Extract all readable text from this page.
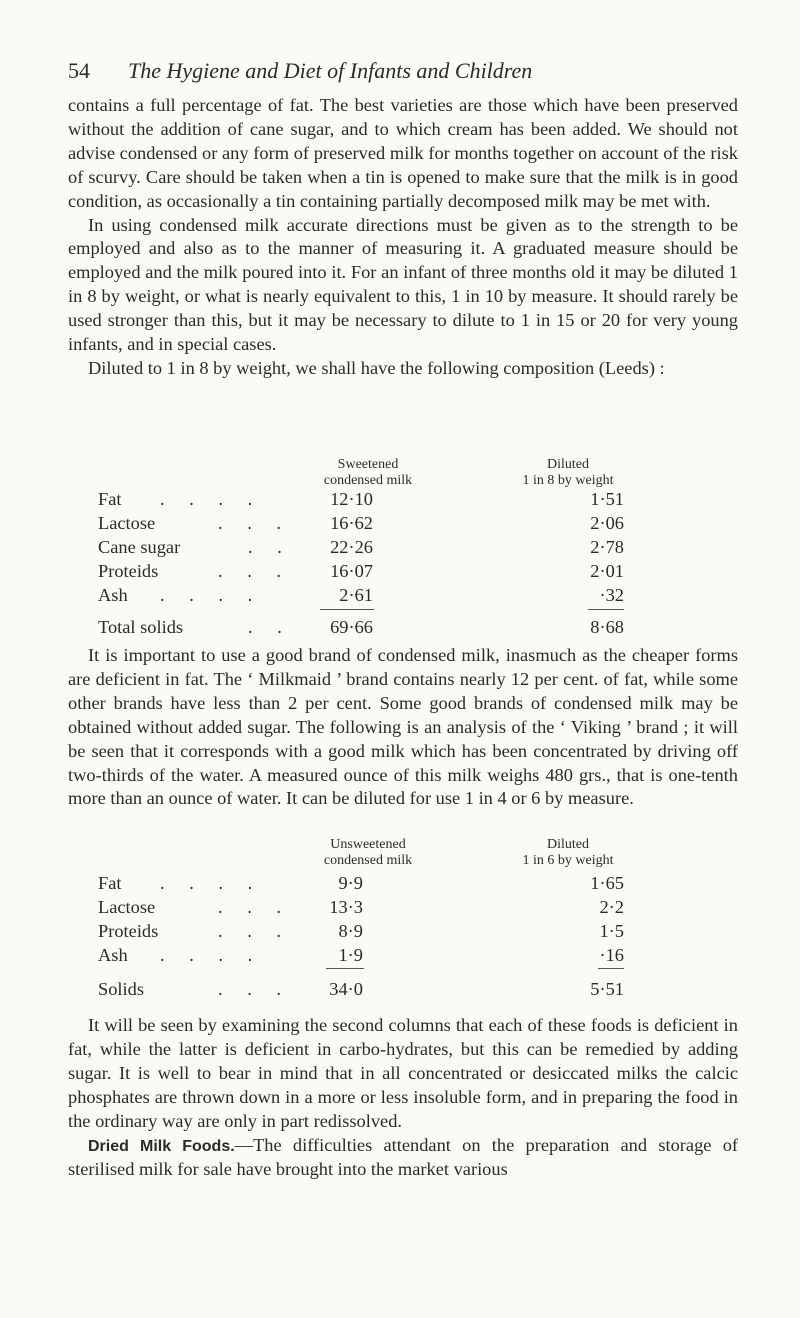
54	The Hygiene and Diet of Infants and Children

contains a full percentage of fat. The best varieties are those which have been preserved without the addition of cane sugar, and to which cream has been added. We should not advise condensed or any form of preserved milk for months together on account of the risk of scurvy. Care should be taken when a tin is opened to make sure that the milk is in good condition, as occasionally a tin containing partially decomposed milk may be met with.

In using condensed milk accurate directions must be given as to the strength to be employed and also as to the manner of measuring it. A graduated measure should be employed and the milk poured into it. For an infant of three months old it may be diluted 1 in 8 by weight, or what is nearly equivalent to this, 1 in 10 by measure. It should rarely be used stronger than this, but it may be necessary to dilute to 1 in 15 or 20 for very young infants, and in special cases.

Diluted to 1 in 8 by weight, we shall have the following composition (Leeds) :

Sweetened
condensed milk
Diluted
1 in 8 by weight
Fat . . . .	12·10	1·51
Lactose	. . .	16·62	2·06
Cane sugar	. .	22·26	2·78
Proteids	. . .	16·07	2·01
Ash . . . .	2·61	·32
Total solids	. .	69·66	8·68

It is important to use a good brand of condensed milk, inasmuch as the cheaper forms are deficient in fat. The ‘ Milkmaid ’ brand contains nearly 12 per cent. of fat, while some other brands have less than 2 per cent. Some good brands of condensed milk may be obtained without added sugar. The following is an analysis of the ‘ Viking ’ brand ; it will be seen that it corresponds with a good milk which has been concentrated by driving off two-thirds of the water. A measured ounce of this milk weighs 480 grs., that is one-tenth more than an ounce of water. It can be diluted for use 1 in 4 or 6 by measure.

Unsweetened
condensed milk
Diluted
1 in 6 by weight
Fat . . . .	9·9	1·65
Lactose	. . .	13·3	2·2
Proteids	. . .	8·9	1·5
Ash . . . .	1·9	·16
Solids	. . .	34·0	5·51

It will be seen by examining the second columns that each of these foods is deficient in fat, while the latter is deficient in carbo-hydrates, but this can be remedied by adding sugar. It is well to bear in mind that in all concentrated or desiccated milks the calcic phosphates are thrown down in a more or less insoluble form, and in preparing the food in the ordinary way are only in part redissolved.

Dried Milk Foods.—The difficulties attendant on the preparation and storage of sterilised milk for sale have brought into the market various
